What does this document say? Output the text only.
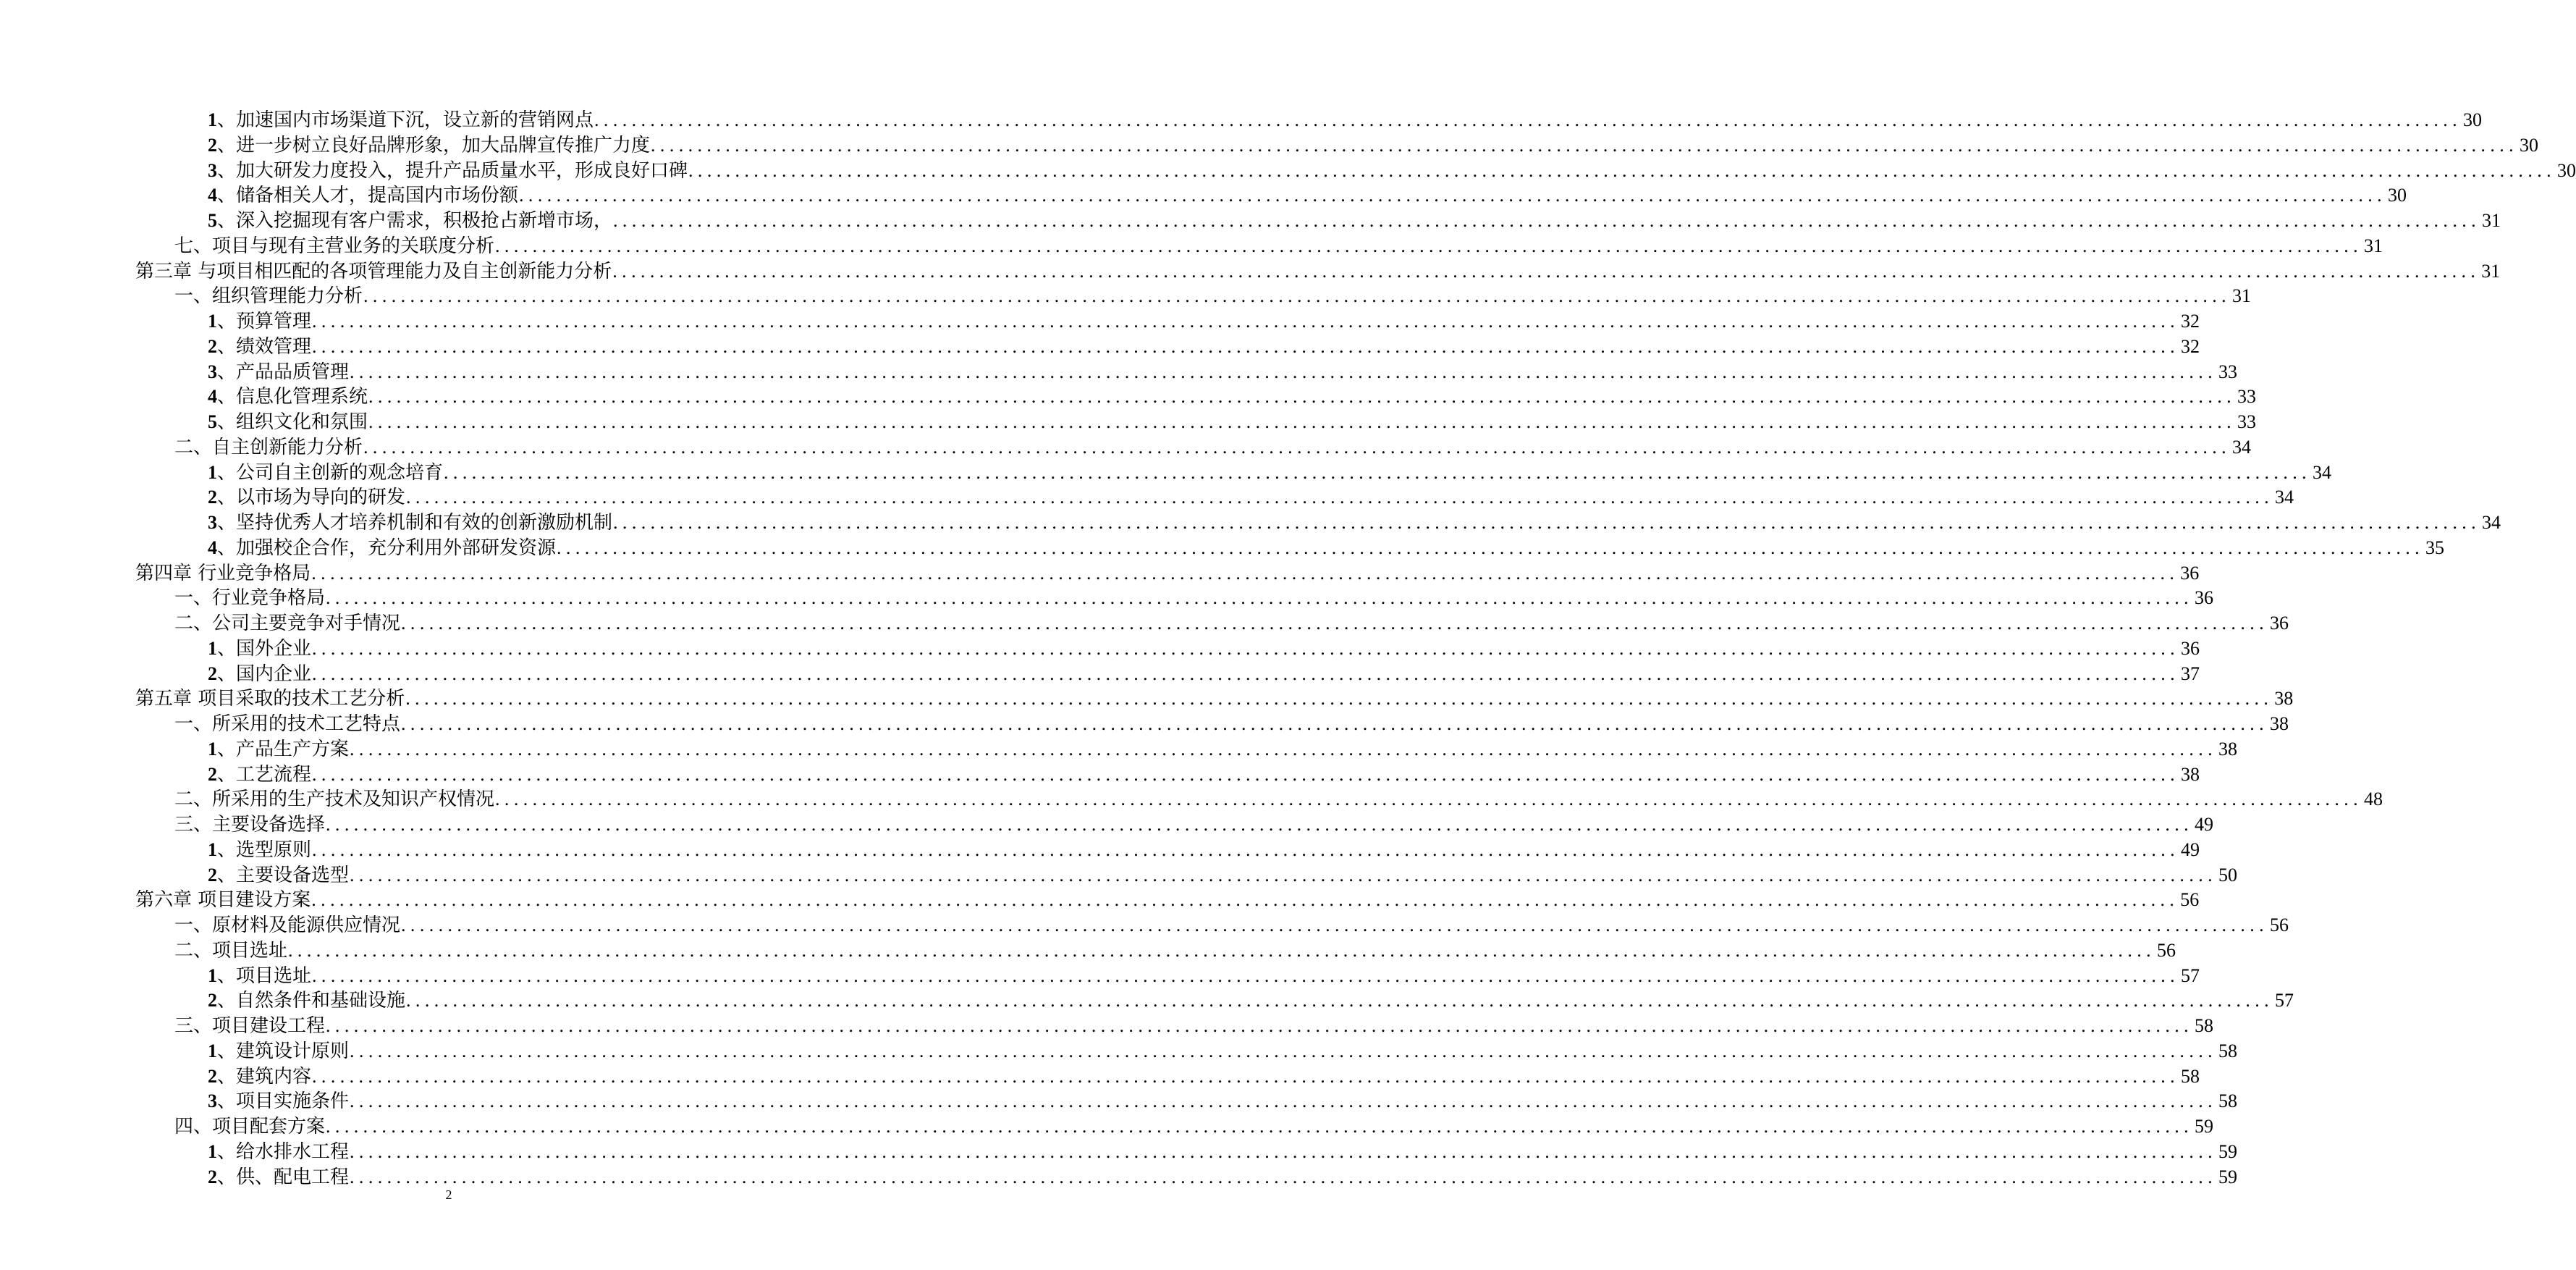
1、加速国内市场渠道下沉，设立新的营销网点 ........................................................................................................................................................................................................ 30
2、进一步树立良好品牌形象，加大品牌宣传推广力度 ........................................................................................................................................................................................................ 30
3、加大研发力度投入，提升产品质量水平，形成良好口碑 ........................................................................................................................................................................................................ 30
4、储备相关人才，提高国内市场份额 ........................................................................................................................................................................................................ 30
5、深入挖掘现有客户需求，积极抢占新增市场， ........................................................................................................................................................................................................ 31
七、项目与现有主营业务的关联度分析 ........................................................................................................................................................................................................ 31
第三章 与项目相匹配的各项管理能力及自主创新能力分析 ........................................................................................................................................................................................................ 31
一、组织管理能力分析 ........................................................................................................................................................................................................ 31
1、预算管理 ........................................................................................................................................................................................................ 32
2、绩效管理 ........................................................................................................................................................................................................ 32
3、产品品质管理 ........................................................................................................................................................................................................ 33
4、信息化管理系统 ........................................................................................................................................................................................................ 33
5、组织文化和氛围 ........................................................................................................................................................................................................ 33
二、自主创新能力分析 ........................................................................................................................................................................................................ 34
1、公司自主创新的观念培育 ........................................................................................................................................................................................................ 34
2、以市场为导向的研发 ........................................................................................................................................................................................................ 34
3、坚持优秀人才培养机制和有效的创新激励机制 ........................................................................................................................................................................................................ 34
4、加强校企合作，充分利用外部研发资源 ........................................................................................................................................................................................................ 35
第四章 行业竞争格局 ........................................................................................................................................................................................................ 36
一、行业竞争格局 ........................................................................................................................................................................................................ 36
二、公司主要竞争对手情况 ........................................................................................................................................................................................................ 36
1、国外企业 ........................................................................................................................................................................................................ 36
2、国内企业 ........................................................................................................................................................................................................ 37
第五章 项目采取的技术工艺分析 ........................................................................................................................................................................................................ 38
一、所采用的技术工艺特点 ........................................................................................................................................................................................................ 38
1、产品生产方案 ........................................................................................................................................................................................................ 38
2、工艺流程 ........................................................................................................................................................................................................ 38
二、所采用的生产技术及知识产权情况 ........................................................................................................................................................................................................ 48
三、主要设备选择 ........................................................................................................................................................................................................ 49
1、选型原则 ........................................................................................................................................................................................................ 49
2、主要设备选型 ........................................................................................................................................................................................................ 50
第六章 项目建设方案 ........................................................................................................................................................................................................ 56
一、原材料及能源供应情况 ........................................................................................................................................................................................................ 56
二、项目选址 ........................................................................................................................................................................................................ 56
1、项目选址 ........................................................................................................................................................................................................ 57
2、自然条件和基础设施 ........................................................................................................................................................................................................ 57
三、项目建设工程 ........................................................................................................................................................................................................ 58
1、建筑设计原则 ........................................................................................................................................................................................................ 58
2、建筑内容 ........................................................................................................................................................................................................ 58
3、项目实施条件 ........................................................................................................................................................................................................ 58
四、项目配套方案 ........................................................................................................................................................................................................ 59
1、给水排水工程 ........................................................................................................................................................................................................ 59
2、供、配电工程 ........................................................................................................................................................................................................ 59
2
